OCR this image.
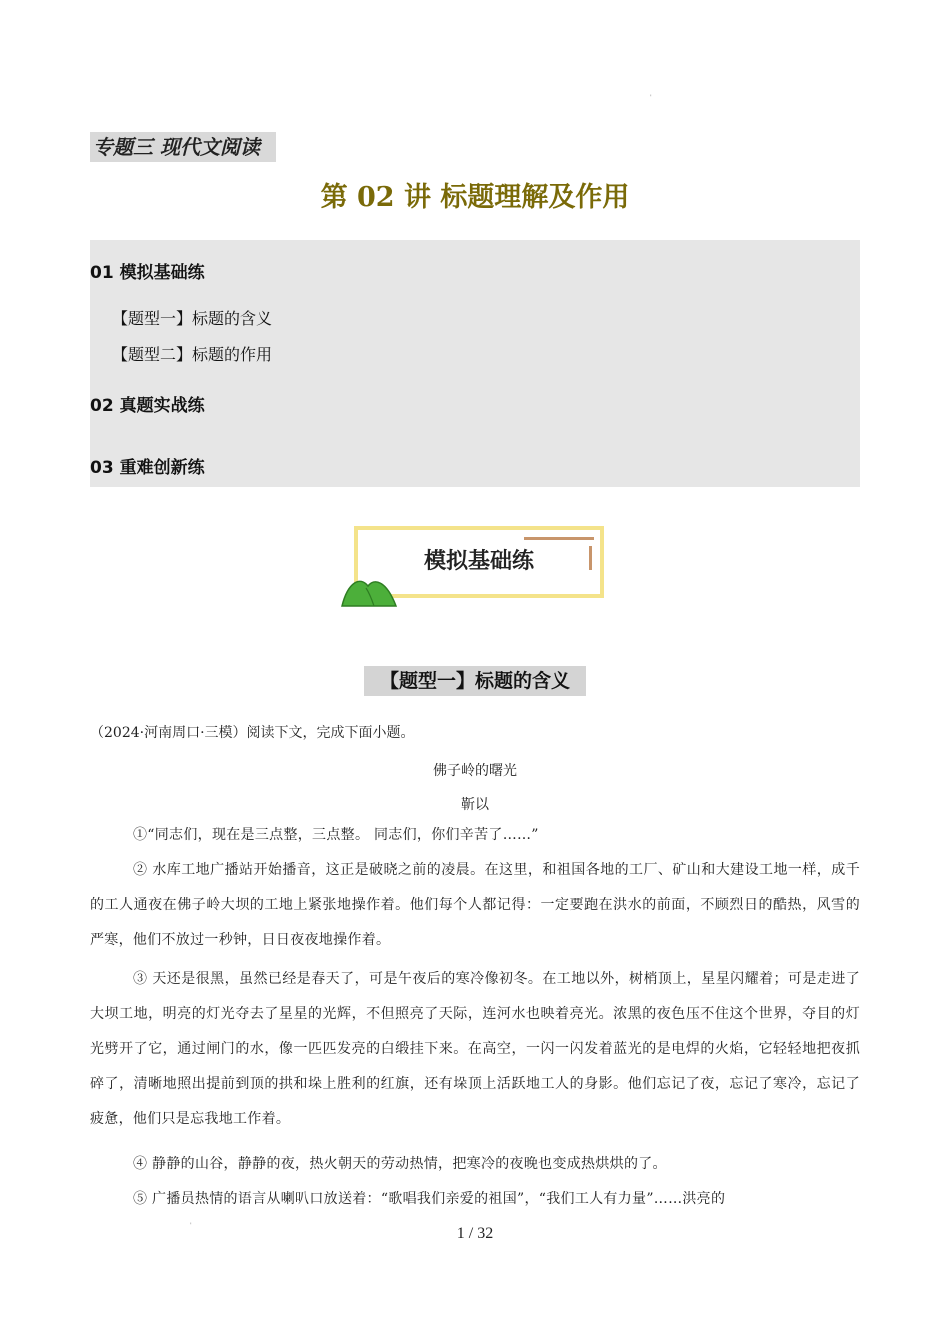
'
专题三 现代文阅读
第 02 讲 标题理解及作用
01 模拟基础练
【题型一】标题的含义
【题型二】标题的作用
02 真题实战练
03 重难创新练
模拟基础练
【题型一】标题的含义
（2024·河南周口·三模）阅读下文，完成下面小题。
佛子岭的曙光
靳以
①“同志们，现在是三点整，三点整。 同志们，你们辛苦了……”
② 水库工地广播站开始播音，这正是破晓之前的凌晨。在这里，和祖国各地的工厂、矿山和大建设工地一样，成千的工人通夜在佛子岭大坝的工地上紧张地操作着。他们每个人都记得：一定要跑在洪水的前面，不顾烈日的酷热，风雪的严寒，他们不放过一秒钟，日日夜夜地操作着。
③ 天还是很黑，虽然已经是春天了，可是午夜后的寒冷像初冬。在工地以外，树梢顶上，星星闪耀着；可是走进了大坝工地，明亮的灯光夺去了星星的光辉，不但照亮了天际，连河水也映着亮光。浓黑的夜色压不住这个世界，夺目的灯光劈开了它，通过闸门的水，像一匹匹发亮的白缎挂下来。在高空，一闪一闪发着蓝光的是电焊的火焰，它轻轻地把夜抓碎了，清晰地照出提前到顶的拱和垛上胜利的红旗，还有垛顶上活跃地工人的身影。他们忘记了夜，忘记了寒冷，忘记了疲惫，他们只是忘我地工作着。
④ 静静的山谷，静静的夜，热火朝天的劳动热情，把寒冷的夜晚也变成热烘烘的了。
⑤ 广播员热情的语言从喇叭口放送着：“歌唱我们亲爱的祖国”，“我们工人有力量”……洪亮的
'	1 / 32
